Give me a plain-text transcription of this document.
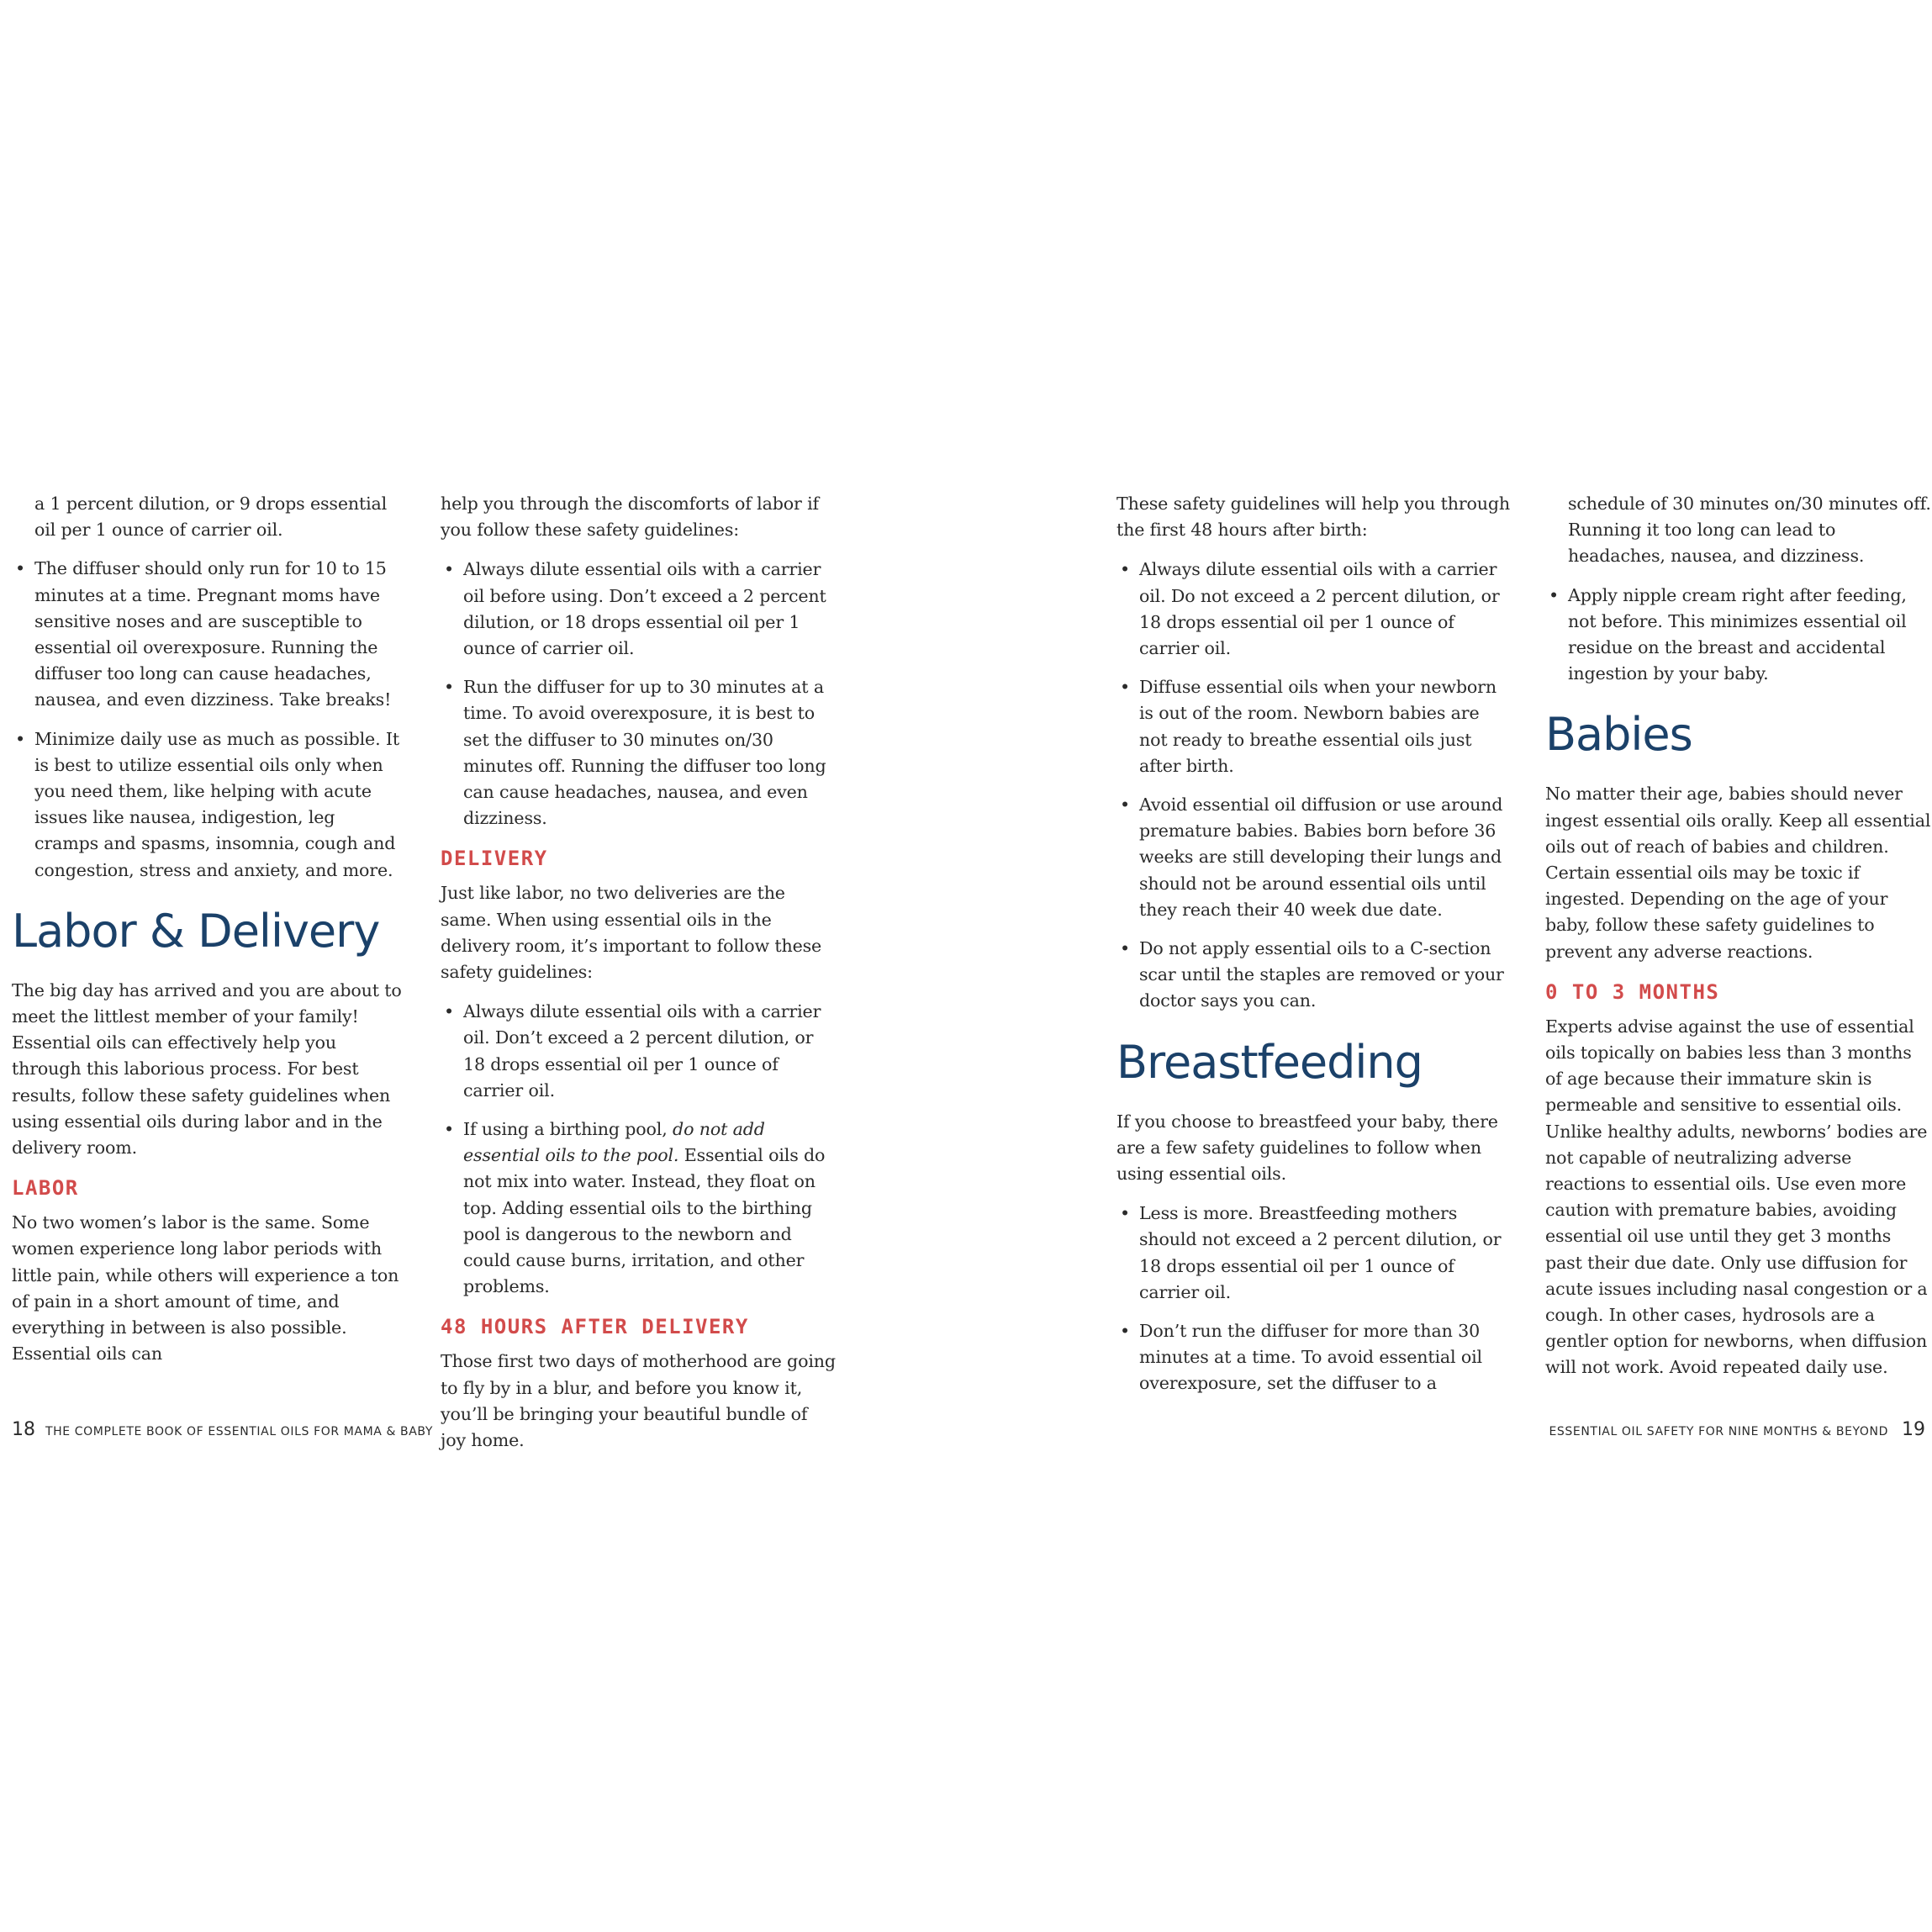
a 1 percent dilution, or 9 drops essential oil per 1 ounce of carrier oil.
• The diffuser should only run for 10 to 15 minutes at a time. Pregnant moms have sensitive noses and are susceptible to essential oil overexposure. Running the diffuser too long can cause headaches, nausea, and even dizziness. Take breaks!
• Minimize daily use as much as possible. It is best to utilize essential oils only when you need them, like helping with acute issues like nausea, indigestion, leg cramps and spasms, insomnia, cough and congestion, stress and anxiety, and more.
Labor & Delivery

The big day has arrived and you are about to meet the littlest member of your family! Essential oils can effectively help you through this laborious process. For best results, follow these safety guidelines when using essential oils during labor and in the delivery room.

LABOR

No two women’s labor is the same. Some women experience long labor periods with little pain, while others will experience a ton of pain in a short amount of time, and everything in between is also possible. Essential oils can

help you through the discomforts of labor if you follow these safety guidelines:

• Always dilute essential oils with a carrier oil before using. Don’t exceed a 2 percent dilution, or 18 drops essential oil per 1 ounce of carrier oil.
• Run the diffuser for up to 30 minutes at a time. To avoid overexposure, it is best to set the diffuser to 30 minutes on/30 minutes off. Running the diffuser too long can cause headaches, nausea, and even dizziness.
DELIVERY

Just like labor, no two deliveries are the same. When using essential oils in the delivery room, it’s important to follow these safety guidelines:

• Always dilute essential oils with a carrier oil. Don’t exceed a 2 percent dilution, or 18 drops essential oil per 1 ounce of carrier oil.
• If using a birthing pool, do not add essential oils to the pool. Essential oils do not mix into water. Instead, they float on top. Adding essential oils to the birthing pool is dangerous to the newborn and could cause burns, irritation, and other problems.
48 HOURS AFTER DELIVERY

Those first two days of motherhood are going to fly by in a blur, and before you know it, you’ll be bringing your beautiful bundle of joy home.

These safety guidelines will help you through the first 48 hours after birth:

• Always dilute essential oils with a carrier oil. Do not exceed a 2 percent dilution, or 18 drops essential oil per 1 ounce of carrier oil.
• Diffuse essential oils when your newborn is out of the room. Newborn babies are not ready to breathe essential oils just after birth.
• Avoid essential oil diffusion or use around premature babies. Babies born before 36 weeks are still developing their lungs and should not be around essential oils until they reach their 40 week due date.
• Do not apply essential oils to a C-section scar until the staples are removed or your doctor says you can.
Breastfeeding

If you choose to breastfeed your baby, there are a few safety guidelines to follow when using essential oils.

• Less is more. Breastfeeding mothers should not exceed a 2 percent dilution, or 18 drops essential oil per 1 ounce of carrier oil.
• Don’t run the diffuser for more than 30 minutes at a time. To avoid essential oil overexposure, set the diffuser to a
schedule of 30 minutes on/30 minutes off. Running it too long can lead to headaches, nausea, and dizziness.
• Apply nipple cream right after feeding, not before. This minimizes essential oil residue on the breast and accidental ingestion by your baby.
Babies

No matter their age, babies should never ingest essential oils orally. Keep all essential oils out of reach of babies and children. Certain essential oils may be toxic if ingested. Depending on the age of your baby, follow these safety guidelines to prevent any adverse reactions.

0 TO 3 MONTHS

Experts advise against the use of essential oils topically on babies less than 3 months of age because their immature skin is permeable and sensitive to essential oils. Unlike healthy adults, newborns’ bodies are not capable of neutralizing adverse reactions to essential oils. Use even more caution with premature babies, avoiding essential oil use until they get 3 months past their due date. Only use diffusion for acute issues including nasal congestion or a cough. In other cases, hydrosols are a gentler option for newborns, when diffusion will not work. Avoid repeated daily use.

18 THE COMPLETE BOOK OF ESSENTIAL OILS FOR MAMA & BABY	ESSENTIAL OIL SAFETY FOR NINE MONTHS & BEYOND 19
